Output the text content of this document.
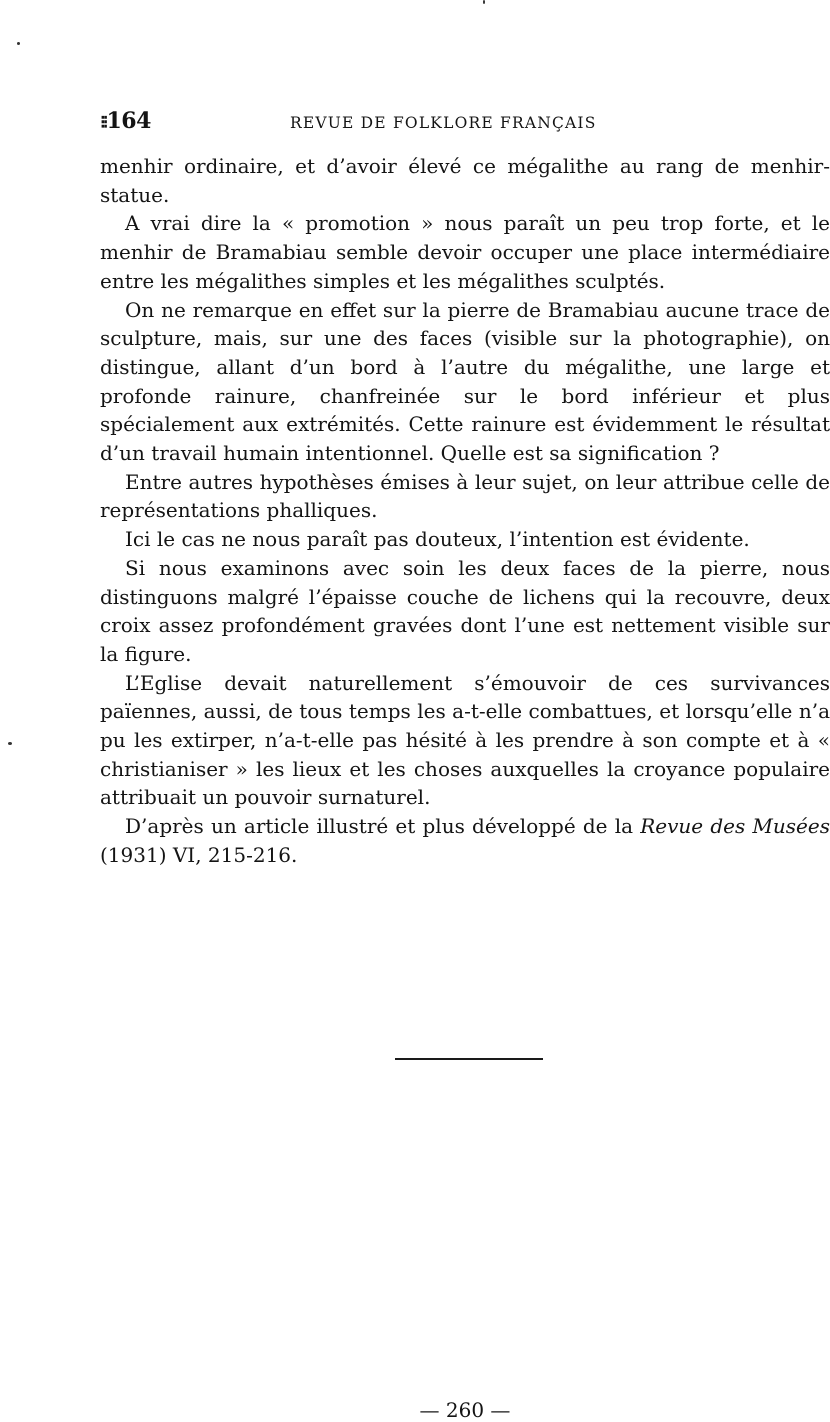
⁝⁝164	REVUE DE FOLKLORE FRANÇAIS

menhir ordinaire, et d’avoir élevé ce mégalithe au rang de menhir-statue.

A vrai dire la « promotion » nous paraît un peu trop forte, et le menhir de Bramabiau semble devoir occuper une place intermédiaire entre les mégalithes simples et les mégalithes sculptés.

On ne remarque en effet sur la pierre de Bramabiau aucune trace de sculpture, mais, sur une des faces (visible sur la photographie), on distingue, allant d’un bord à l’autre du mégalithe, une large et profonde rainure, chanfreinée sur le bord inférieur et plus spécialement aux extrémités. Cette rainure est évidemment le résultat d’un travail humain intentionnel. Quelle est sa signification ?

Entre autres hypothèses émises à leur sujet, on leur attribue celle de représentations phalliques.

Ici le cas ne nous paraît pas douteux, l’intention est évidente.

Si nous examinons avec soin les deux faces de la pierre, nous distinguons malgré l’épaisse couche de lichens qui la recouvre, deux croix assez profondément gravées dont l’une est nettement visible sur la figure.

L’Eglise devait naturellement s’émouvoir de ces survivances païennes, aussi, de tous temps les a-t-elle combattues, et lorsqu’elle n’a pu les extirper, n’a-t-elle pas hésité à les prendre à son compte et à « christianiser » les lieux et les choses auxquelles la croyance populaire attribuait un pouvoir surnaturel.

D’après un article illustré et plus développé de la Revue des Musées (1931) VI, 215-216.

— 260 —
